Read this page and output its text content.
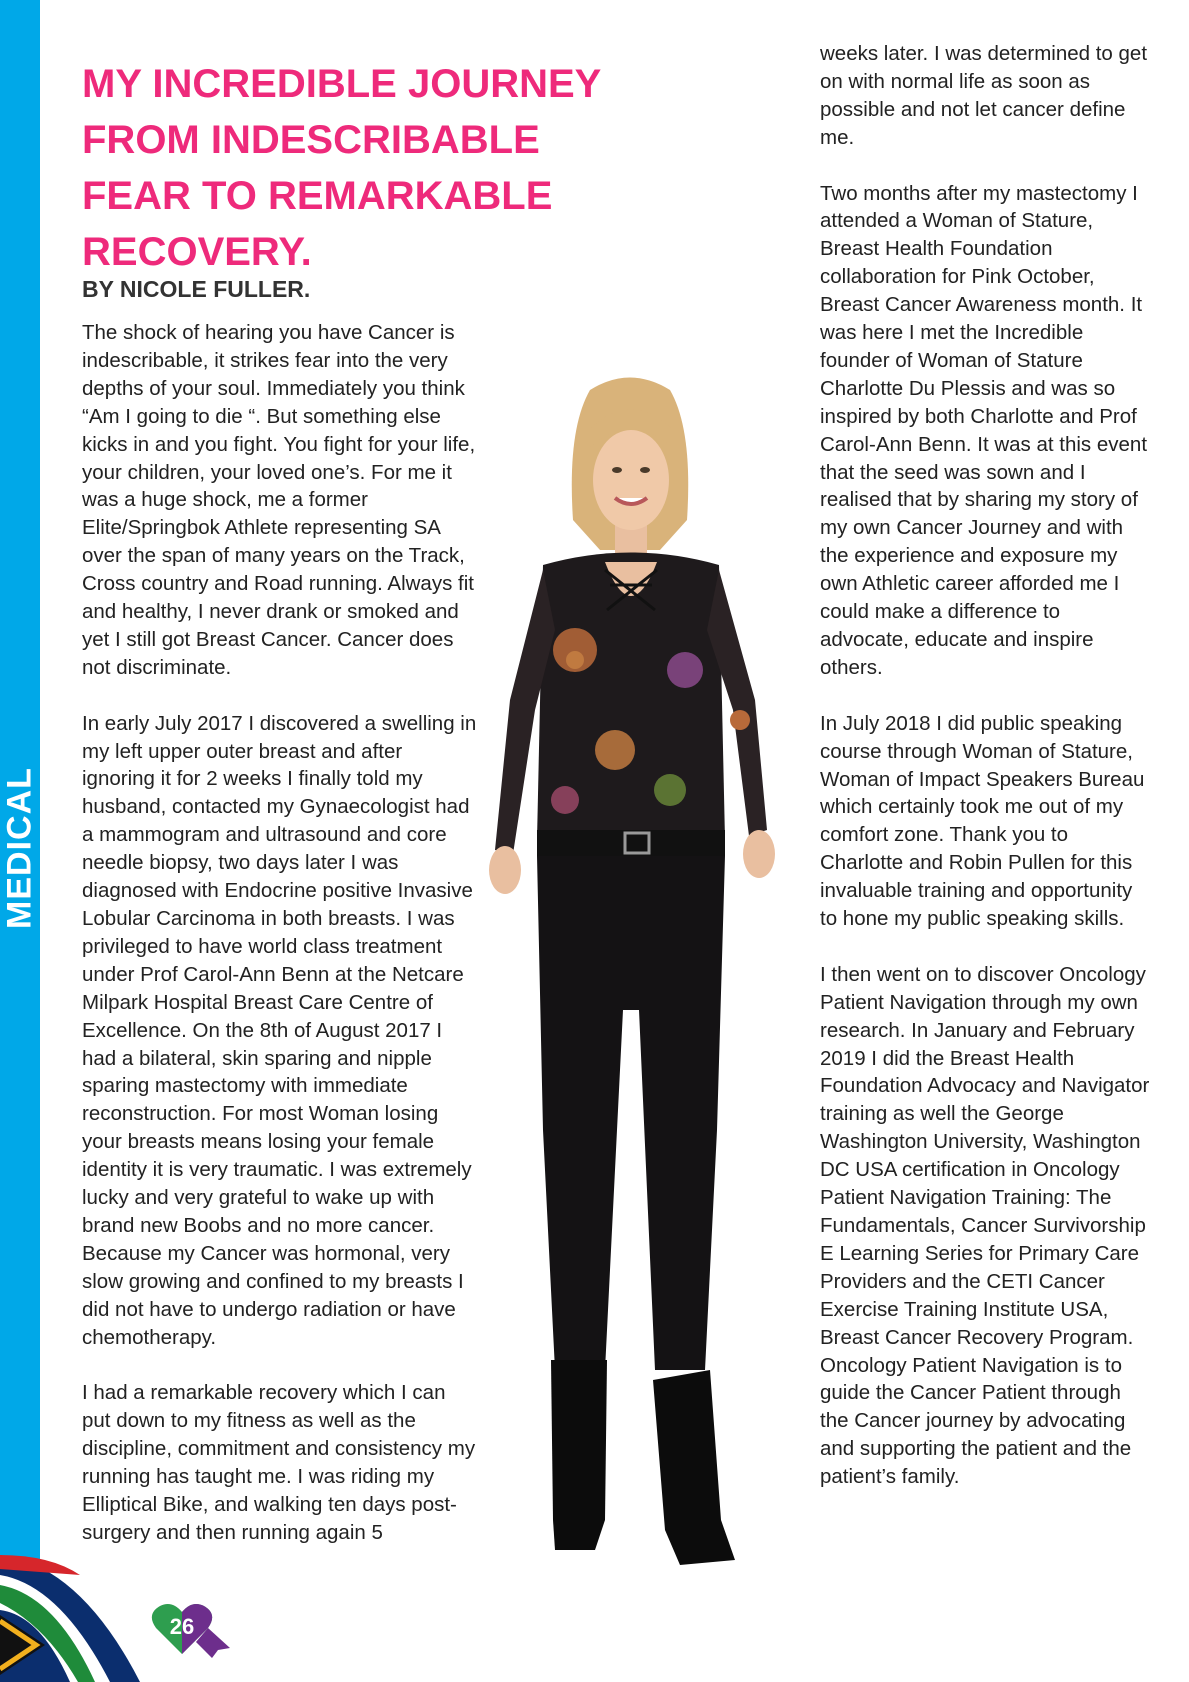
MEDICAL
MY INCREDIBLE JOURNEY FROM INDESCRIBABLE FEAR TO REMARKABLE RECOVERY.
BY NICOLE FULLER.

The shock of hearing you have Cancer is indescribable, it strikes fear into the very depths of your soul. Immediately you think “Am I going to die “. But something else kicks in and you fight. You fight for your life, your children, your loved one’s. For me it was a huge shock, me a former Elite/Springbok Athlete representing SA over the span of many years on the Track, Cross country and Road running. Always fit and healthy, I never drank or smoked and yet I still got Breast Cancer. Cancer does not discriminate.

In early July 2017 I discovered a swelling in my left upper outer breast and after ignoring it for 2 weeks I finally told my husband, contacted my Gynaecologist had a mammogram and ultrasound and core needle biopsy, two days later I was diagnosed with Endocrine positive Invasive Lobular Carcinoma in both breasts. I was privileged to have world class treatment under Prof Carol-Ann Benn at the Netcare Milpark Hospital Breast Care Centre of Excellence. On the 8th of August 2017 I had a bilateral, skin sparing and nipple sparing mastectomy with immediate reconstruction. For most Woman losing your breasts means losing your female identity it is very traumatic. I was extremely lucky and very grateful to wake up with brand new Boobs and no more cancer. Because my Cancer was hormonal, very slow growing and confined to my breasts I did not have to undergo radiation or have chemotherapy.

I had a remarkable recovery which I can put down to my fitness as well as the discipline, commitment and consistency my running has taught me. I was riding my Elliptical Bike, and walking ten days post-surgery and then running again 5

weeks later. I was determined to get on with normal life as soon as possible and not let cancer define me.

Two months after my mastectomy I attended a Woman of Stature, Breast Health Foundation collaboration for Pink October, Breast Cancer Awareness month. It was here I met the Incredible founder of Woman of Stature Charlotte Du Plessis and was so inspired by both Charlotte and Prof Carol-Ann Benn. It was at this event that the seed was sown and I realised that by sharing my story of my own Cancer Journey and with the experience and exposure my own Athletic career afforded me I could make a difference to advocate, educate and inspire others.

In July 2018 I did public speaking course through Woman of Stature, Woman of Impact Speakers Bureau which certainly took me out of my comfort zone. Thank you to Charlotte and Robin Pullen for this invaluable training and opportunity to hone my public speaking skills.

I then went on to discover Oncology Patient Navigation through my own research. In January and February 2019 I did the Breast Health Foundation Advocacy and Navigator training as well the George Washington University, Washington DC USA certification in Oncology Patient Navigation Training: The Fundamentals, Cancer Survivorship E Learning Series for Primary Care Providers and the CETI Cancer Exercise Training Institute USA, Breast Cancer Recovery Program. Oncology Patient Navigation is to guide the Cancer Patient through the Cancer journey by advocating and supporting the patient and the patient’s family.

26
